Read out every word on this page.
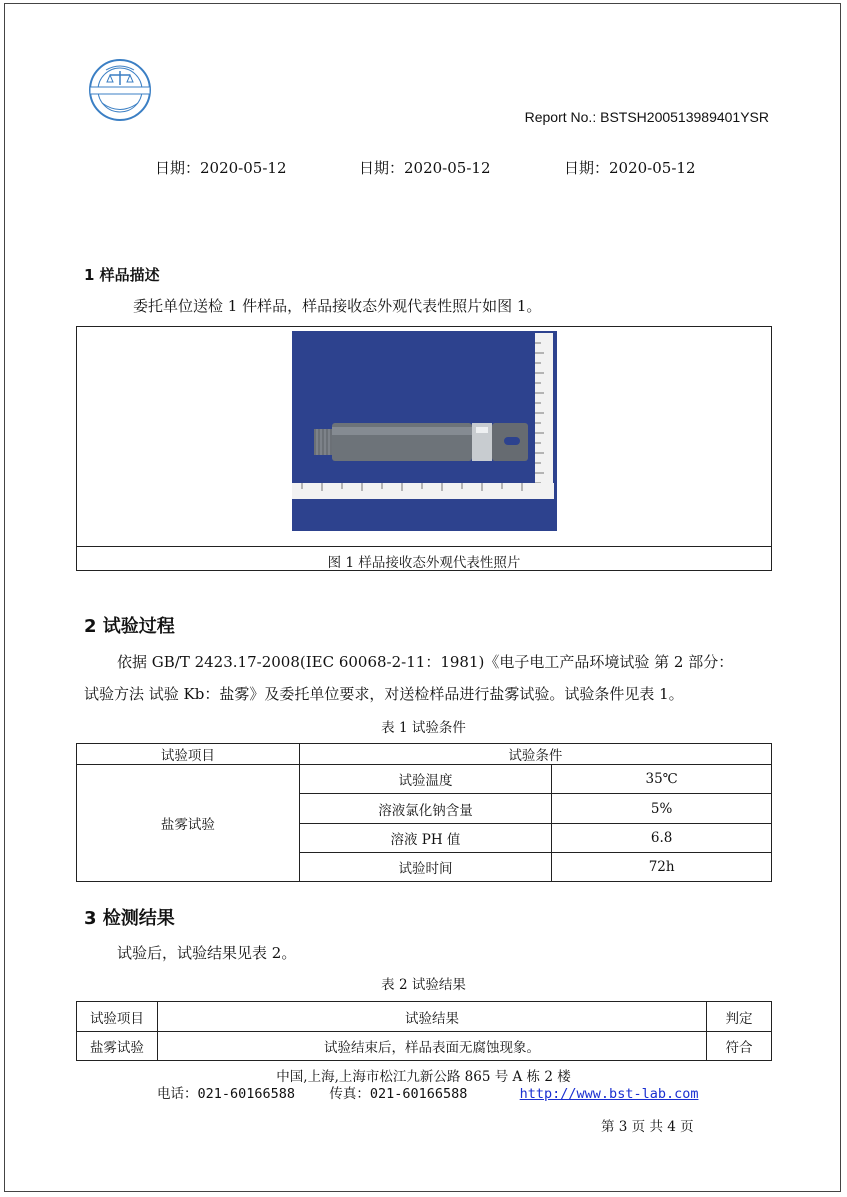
Report No.: BSTSH200513989401YSR
日期：2020-05-12	日期：2020-05-12	日期：2020-05-12
1 样品描述
委托单位送检 1 件样品，样品接收态外观代表性照片如图 1。
图 1 样品接收态外观代表性照片
2 试验过程
依据 GB/T 2423.17-2008(IEC 60068-2-11：1981)《电子电工产品环境试验 第 2 部分：
试验方法 试验 Kb：盐雾》及委托单位要求，对送检样品进行盐雾试验。试验条件见表 1。
表 1 试验条件
试验项目	试验条件	
盐雾试验	试验温度	35℃
	溶液氯化钠含量	5%
	溶液 PH 值	6.8
	试验时间	72h
3 检测结果
试验后，试验结果见表 2。
表 2 试验结果
试验项目	试验结果	判定
盐雾试验	试验结束后，样品表面无腐蚀现象。	符合
中国,上海,上海市松江九新公路 865 号 A 栋 2 楼
电话：021-60166588	传真：021-60166588	http://www.bst-lab.com
第 3 页 共 4 页
